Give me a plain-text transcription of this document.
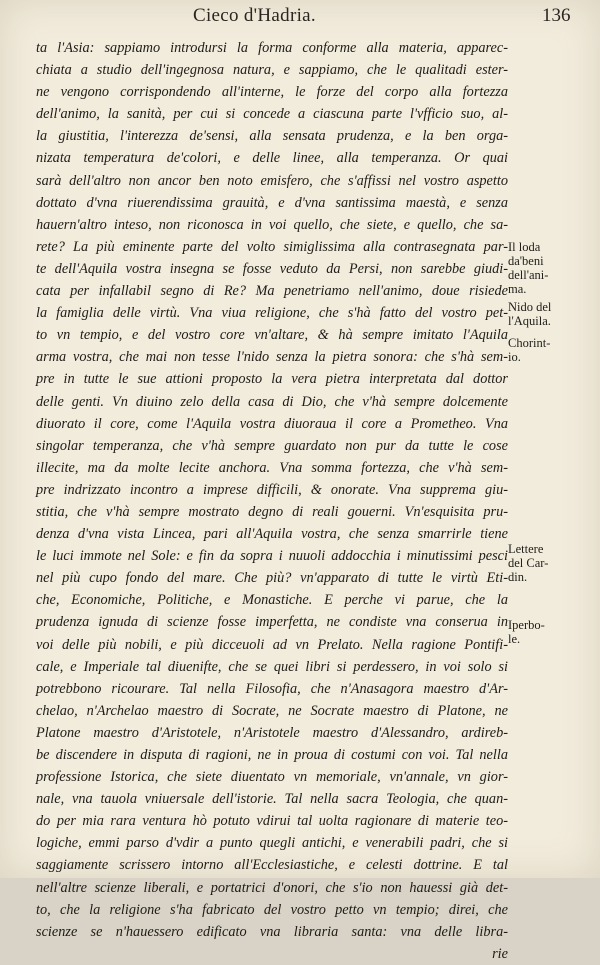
Cieco d'Hadria.	136
ta l'Asia: sappiamo introdursi la forma conforme alla materia, apparec-
chiata a studio dell'ingegnosa natura, e sappiamo, che le qualitadi ester-
ne vengono corrispondendo all'interne, le forze del corpo alla fortezza
dell'animo, la sanità, per cui si concede a ciascuna parte l'vfficio suo, al-
la giustitia, l'interezza de'sensi, alla sensata prudenza, e la ben orga-
nizata temperatura de'colori, e delle linee, alla temperanza. Or quai
sarà dell'altro non ancor ben noto emisfero, che s'affissi nel vostro aspetto
dottato d'vna riuerendissima grauità, e d'vna santissima maestà, e senza
hauern'altro inteso, non riconosca in voi quello, che siete, e quello, che sa-
rete? La più eminente parte del volto simiglissima alla contrasegnata par-
te dell'Aquila vostra insegna se fosse veduto da Persi, non sarebbe giudi-
cata per infallabil segno di Re? Ma penetriamo nell'animo, doue risiede
la famiglia delle virtù. Vna viua religione, che s'hà fatto del vostro pet-
to vn tempio, e del vostro core vn'altare, & hà sempre imitato l'Aquila
arma vostra, che mai non tesse l'nido senza la pietra sonora: che s'hà sem-
pre in tutte le sue attioni proposto la vera pietra interpretata dal dottor
delle genti. Vn diuino zelo della casa di Dio, che v'hà sempre dolcemente
diuorato il core, come l'Aquila vostra diuoraua il core a Prometheo. Vna
singolar temperanza, che v'hà sempre guardato non pur da tutte le cose
illecite, ma da molte lecite anchora. Vna somma fortezza, che v'hà sem-
pre indrizzato incontro a imprese difficili, & onorate. Vna supprema giu-
stitia, che v'hà sempre mostrato degno di reali gouerni. Vn'esquisita pru-
denza d'vna vista Lincea, pari all'Aquila vostra, che senza smarrirle tiene
le luci immote nel Sole: e fin da sopra i nuuoli addocchia i minutissimi pesci
nel più cupo fondo del mare. Che più? vn'apparato di tutte le virtù Eti-
che, Economiche, Politiche, e Monastiche. E perche vi parue, che la
prudenza ignuda di scienze fosse imperfetta, ne condiste vna conserua in
voi delle più nobili, e più dicceuoli ad vn Prelato. Nella ragione Pontifi-
cale, e Imperiale tal diuenifte, che se quei libri si perdessero, in voi solo si
potrebbono ricourare. Tal nella Filosofia, che n'Anasagora maestro d'Ar-
chelao, n'Archelao maestro di Socrate, ne Socrate maestro di Platone, ne
Platone maestro d'Aristotele, n'Aristotele maestro d'Alessandro, ardireb-
be discendere in disputa di ragioni, ne in proua di costumi con voi. Tal nella
professione Istorica, che siete diuentato vn memoriale, vn'annale, vn gior-
nale, vna tauola vniuersale dell'istorie. Tal nella sacra Teologia, che quan-
do per mia rara ventura hò potuto vdirui tal uolta ragionare di materie teo-
logiche, emmi parso d'vdir a punto quegli antichi, e venerabili padri, che si
saggiamente scrissero intorno all'Ecclesiastiche, e celesti dottrine. E tal
nell'altre scienze liberali, e portatrici d'onori, che s'io non hauessi già det-
to, che la religione s'ha fabricato del vostro petto vn tempio; direi, che
scienze se n'hauessero edificato vna libraria santa: vna delle libra-
rie
Il loda
da'beni
dell'ani-
ma.
Nido del
l'Aquila.
Chorint-
io.
Lettere
del Car-
din.
Iperbo-
le.
